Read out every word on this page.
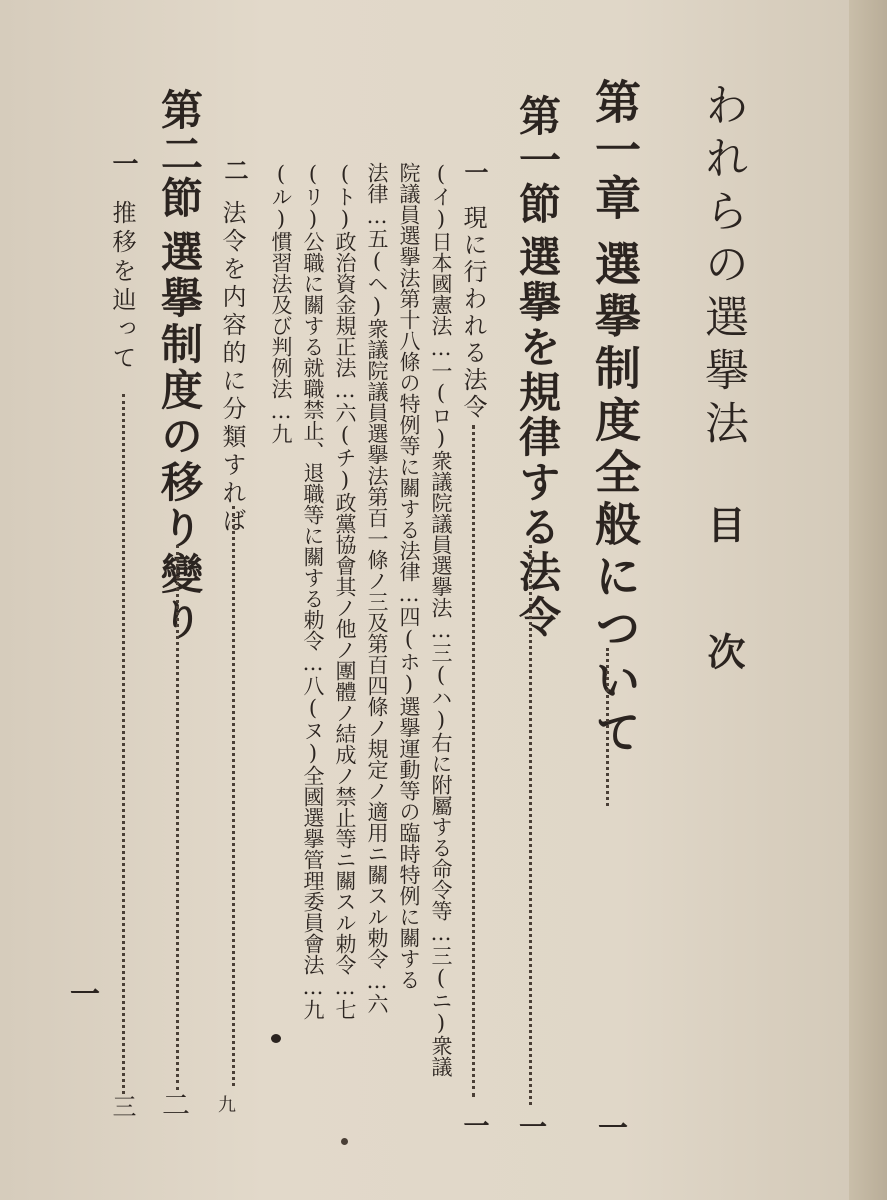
われらの選擧法
目 次
第一章
選擧制度全般について
一
第一節
選擧を規律する法令
一
一
現に行われる法令
一
(イ)日本國憲法…一(ロ)衆議院議員選擧法…三(ハ)右に附屬する命令等…三(ニ)衆議
院議員選擧法第十八條の特例等に關する法律…四(ホ)選擧運動等の臨時特例に關する
法律…五(ヘ)衆議院議員選擧法第百一條ノ三及第百四條ノ規定ノ適用ニ關スル勅令…六
(ト)政治資金規正法…六(チ)政黨協會其ノ他ノ團體ノ結成ノ禁止等ニ關スル勅令…七
(リ)公職に關する就職禁止、退職等に關する勅令…八(ヌ)全國選擧管理委員會法…九
(ル)慣習法及び判例法…九
二
法令を内容的に分類すれば
九
第二節
選擧制度の移り變り
二
一
推移を辿って
三
一
